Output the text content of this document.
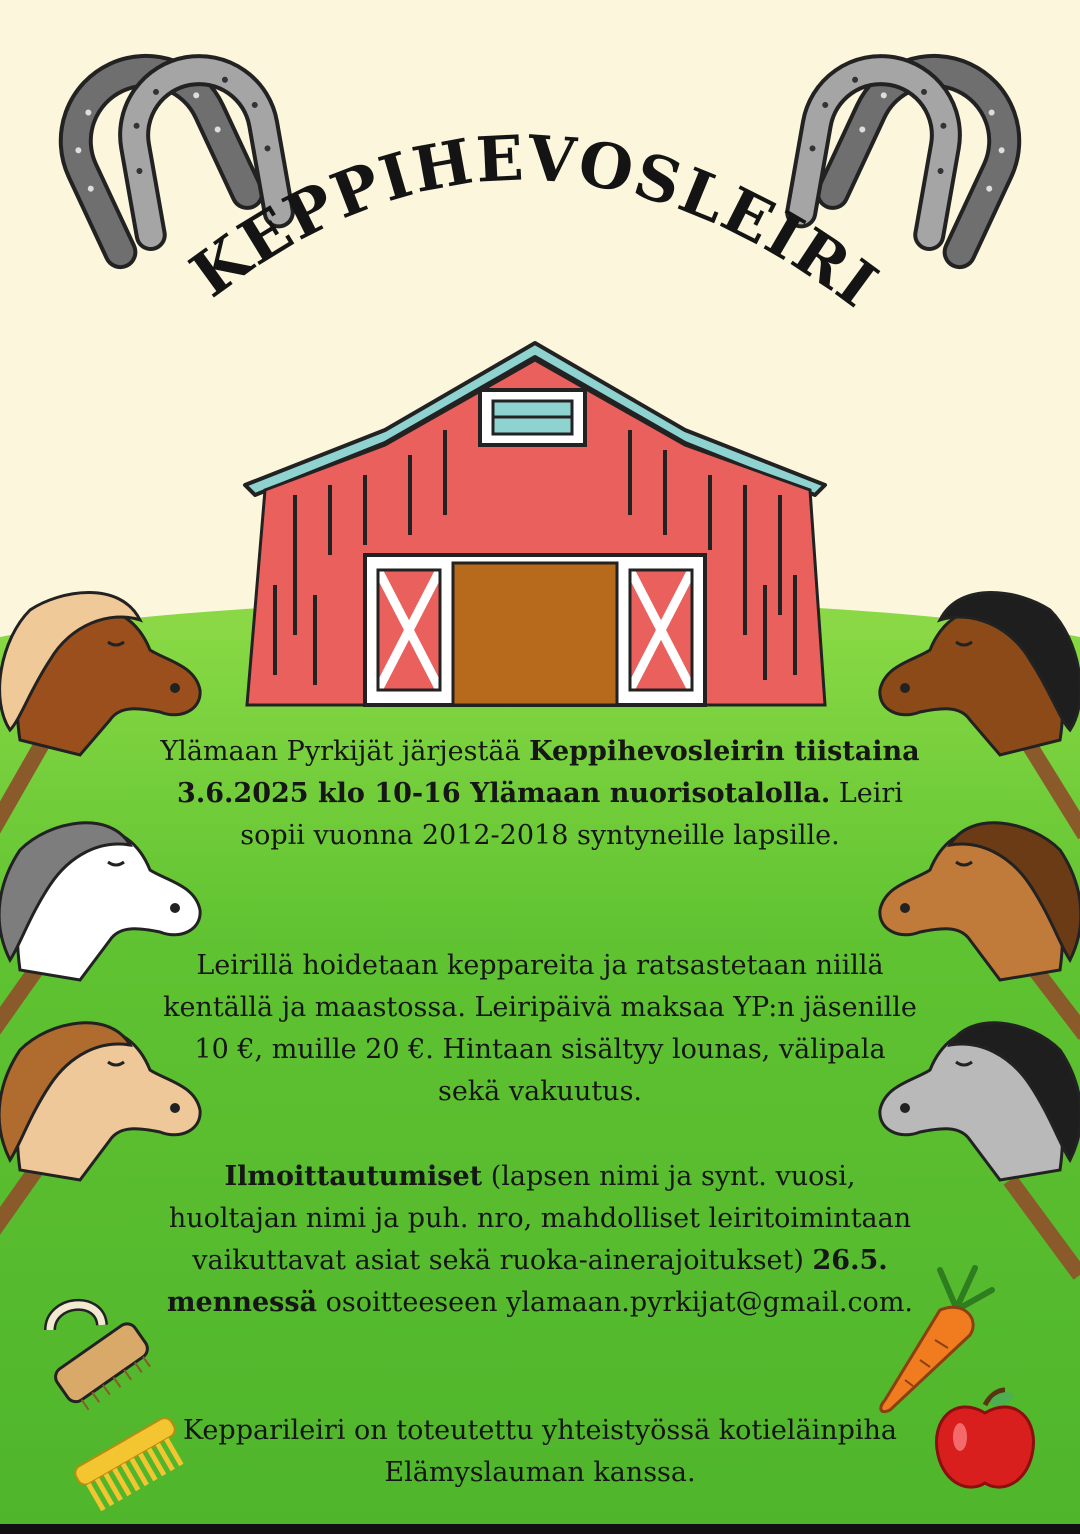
KEPPIHEVOSLEIRI

Ylämaan Pyrkijät järjestää Keppihevosleirin tiistaina 3.6.2025 klo 10-16 Ylämaan nuorisotalolla. Leiri sopii vuonna 2012-2018 syntyneille lapsille.

Leirillä hoidetaan keppareita ja ratsastetaan niillä kentällä ja maastossa. Leiripäivä maksaa YP:n jäsenille 10 €, muille 20 €. Hintaan sisältyy lounas, välipala sekä vakuutus.

Ilmoittautumiset (lapsen nimi ja synt. vuosi, huoltajan nimi ja puh. nro, mahdolliset leiritoimintaan vaikuttavat asiat sekä ruoka-ainerajoitukset) 26.5. mennessä osoitteeseen ylamaan.pyrkijat@gmail.com.

Kepparileiri on toteutettu yhteistyössä kotieläinpiha Elämyslauman kanssa.
